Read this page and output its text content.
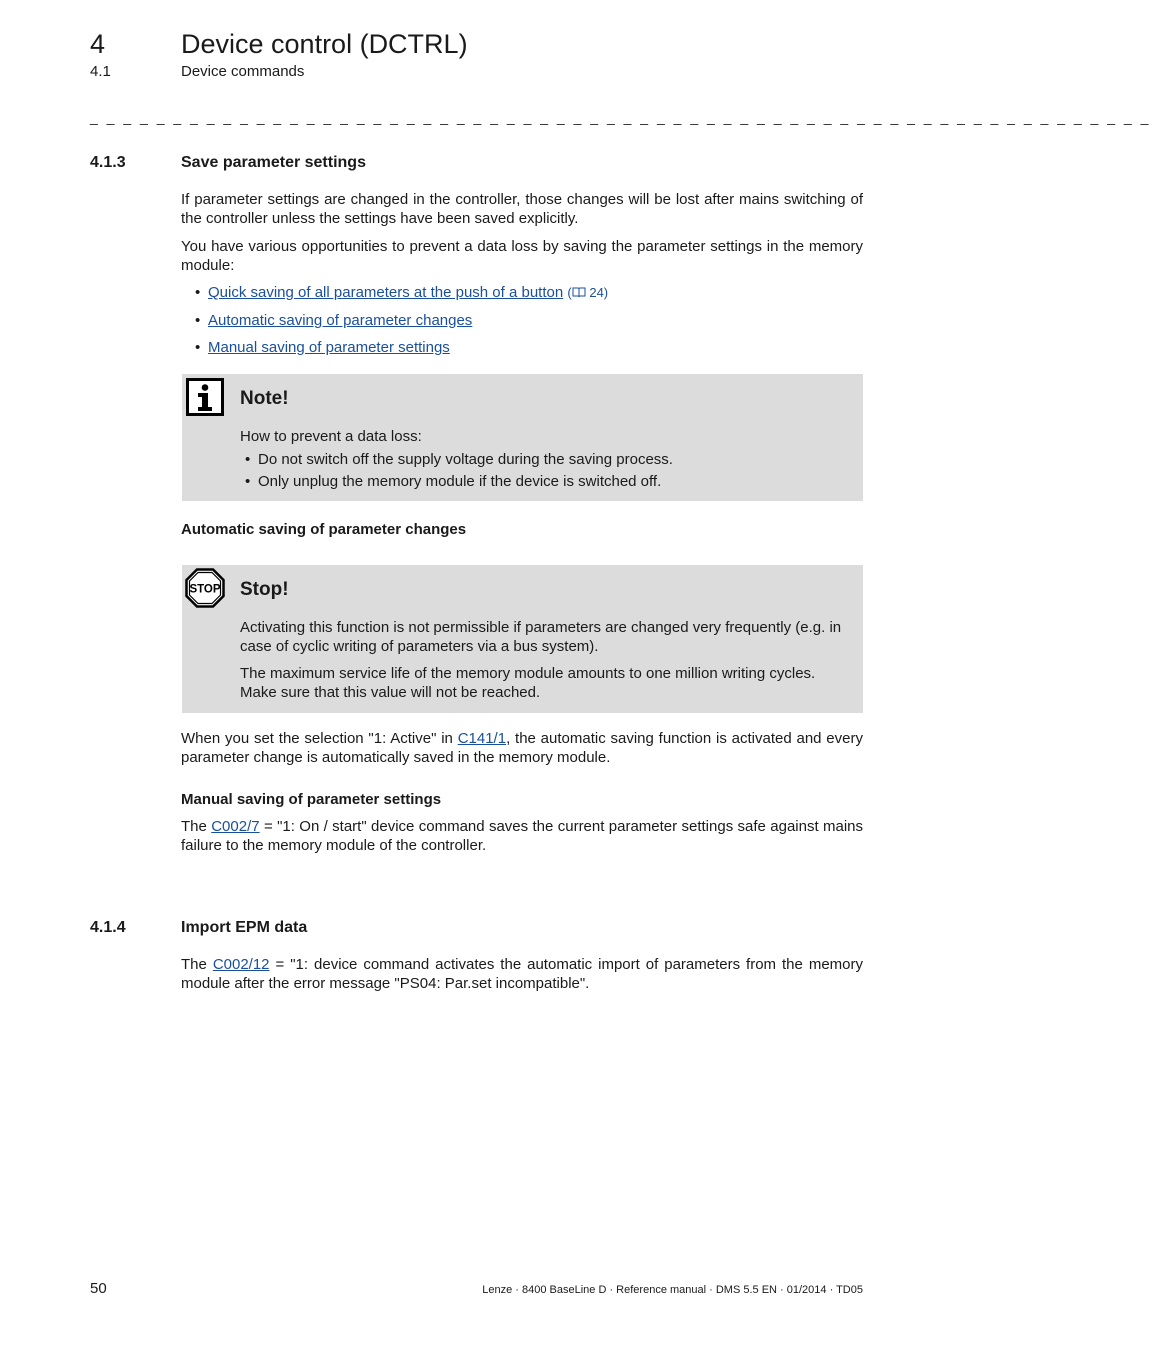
4	Device control (DCTRL)
4.1	Device commands
_ _ _ _ _ _ _ _ _ _ _ _ _ _ _ _ _ _ _ _ _ _ _ _ _ _ _ _ _ _ _ _ _ _ _ _ _ _ _ _ _ _ _ _ _ _ _ _ _ _ _ _ _ _ _ _ _ _ _ _ _ _ _ _
4.1.3	Save parameter settings
If parameter settings are changed in the controller, those changes will be lost after mains switching of the controller unless the settings have been saved explicitly.
You have various opportunities to prevent a data loss by saving the parameter settings in the memory module:
• Quick saving of all parameters at the push of a button ( 24)
• Automatic saving of parameter changes
• Manual saving of parameter settings
Note!
How to prevent a data loss:
• Do not switch off the supply voltage during the saving process.
• Only unplug the memory module if the device is switched off.
Automatic saving of parameter changes
STOP Stop!
Activating this function is not permissible if parameters are changed very frequently (e.g. in case of cyclic writing of parameters via a bus system).
The maximum service life of the memory module amounts to one million writing cycles. Make sure that this value will not be reached.
When you set the selection "1: Active" in C141/1, the automatic saving function is activated and every parameter change is automatically saved in the memory module.
Manual saving of parameter settings
The C002/7 = "1: On / start" device command saves the current parameter settings safe against mains failure to the memory module of the controller.
4.1.4	Import EPM data
The C002/12 = "1: device command activates the automatic import of parameters from the memory module after the error message "PS04: Par.set incompatible".
50	Lenze · 8400 BaseLine D · Reference manual · DMS 5.5 EN · 01/2014 · TD05
